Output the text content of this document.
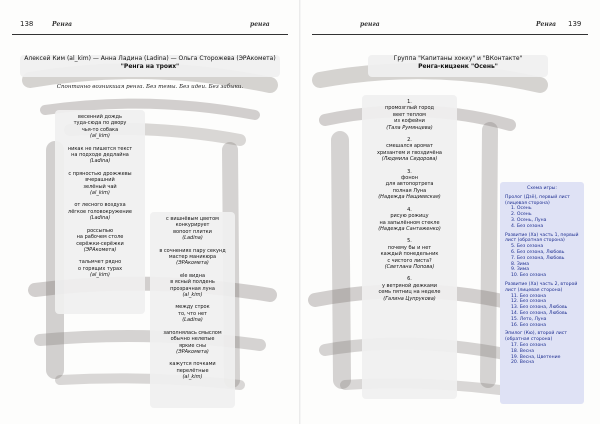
138	Ренга	ренга
Алексей Ким (al_kim) — Анна Ладина (Ladina) — Ольга Сторожева (ЭРАкомета)
"Ренга на троих"
Спонтанно возникшая ренга. Без темы. Без идеи. Без забыки.
весенний дождь
туда-сюда по двору
чья-то собака
(al_kim)
никак не пишется текст
на подходе дедлайна
(Ladina)
с пряностью дрожжевы
вчерашний
зелёный чай
(al_kim)
от лесного воздуха
лёгкое головокружение
(Ladina)
россыпью
на рабочем столе
серёжки-серёжки
(ЭРАкомета)
тальмчет рядно
о горящих турах
(al_kim)
с вишнёвым цветом
конкурирует
вопоот плитки
(Ladina)
в сочнениях пару секунд
мастер маникюра
(ЭРАкомета)
ele видна
в ясный полдень
прозрачная луна
(al_kim)
между строк
то, что нет
(Ladina)
заполнялась смыслом
обычно нелепые
яркие сны
(ЭРАкомета)
кажутся почками
перелётные
(al_kim)
ренга	Ренга 139
Группа "Капитаны хокку" и "ВКонтакте"
Ренга-кицзенк "Осень"
1.
промозглый город
веет теплом
из кофейни
(Тала Румянцева)
2.
смешался аромат
хризантем и гвоздичёна
(Людмила Сидорова)
3.
фонон
для автопортрета
полная Луна
(Надежда Нащиевская)
4.
рисую рожицу
на запылённом стекле
(Надежда Сантаженко)
5.
почему бы и нет
каждый понедельник
с чистого листа?
(Светлана Попова)
6.
у ветряной дежками
семь пятниц на неделе
(Галина Цупрукова)
Схема игры:
Пролог (Дзё), первый лист (лицевая сторона)
1. Осень
2. Осень
3. Осень, Луна
4. Без сезона
Развитие (Ха) часть 1, первый лист (обратная сторона)
5. Без сезона
6. Без сезона, Любовь
7. Без сезона, Любовь
8. Зима
9. Зима
10. Без сезона
Развитие (Ха) часть 2, второй лист (лицевая сторона)
11. Без сезона
12. Без сезона
13. Без сезона, Любовь
14. Без сезона, Любовь
15. Лето, Луна
16. Без сезона
Эпилог (Кю), второй лист (обратная сторона)
17. Без сезона
18. Весна
19. Весна, Цветение
20. Весна
